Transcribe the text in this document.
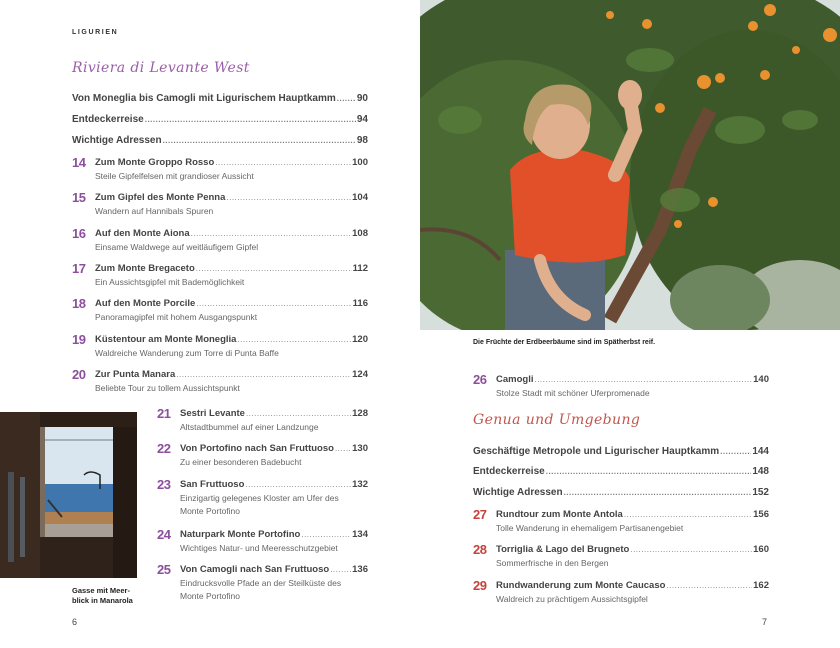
LIGURIEN
Riviera di Levante West
Von Moneglia bis Camogli mit Ligurischem Hauptkamm ..... 90
Entdeckerreise .....	94
Wichtige Adressen .....	98
14 Zum Monte Groppo Rosso .....	100
Steile Gipfelfelsen mit grandioser Aussicht
15 Zum Gipfel des Monte Penna .....	104
Wandern auf Hannibals Spuren
16 Auf den Monte Aiona .....	108
Einsame Waldwege auf weitläufigem Gipfel
17 Zum Monte Bregaceto .....	112
Ein Aussichtsgipfel mit Bademöglichkeit
18 Auf den Monte Porcile .....	116
Panoramagipfel mit hohem Ausgangspunkt
19 Küstentour am Monte Moneglia .....	120
Waldreiche Wanderung zum Torre di Punta Baffe
20 Zur Punta Manara .....	124
Beliebte Tour zu tollem Aussichtspunkt
Gasse mit Meer-
blick in Manarola
21 Sestri Levante .....	128
Altstadtbummel auf einer Landzunge
22 Von Portofino nach San Fruttuoso ..... 130
Zu einer besonderen Badebucht
23 San Fruttuoso .....	132
Einzigartig gelegenes Kloster am Ufer des
Monte Portofino
24 Naturpark Monte Portofino .....	134
Wichtiges Natur- und Meeresschutzgebiet
25 Von Camogli nach San Fruttuoso ..... 136
Eindrucksvolle Pfade an der Steilküste des
Monte Portofino
6
Die Früchte der Erdbeerbäume sind im Spätherbst reif.
26 Camogli .....	140
Stolze Stadt mit schöner Uferpromenade
Genua und Umgebung
Geschäftige Metropole und Ligurischer Hauptkamm .....	144
Entdeckerreise .....	148
Wichtige Adressen .....	152
27 Rundtour zum Monte Antola .....	156
Tolle Wanderung in ehemaligem Partisanengebiet
28 Torriglia & Lago del Brugneto .....	160
Sommerfrische in den Bergen
29 Rundwanderung zum Monte Caucaso .....	162
Waldreich zu prächtigem Aussichtsgipfel
7
